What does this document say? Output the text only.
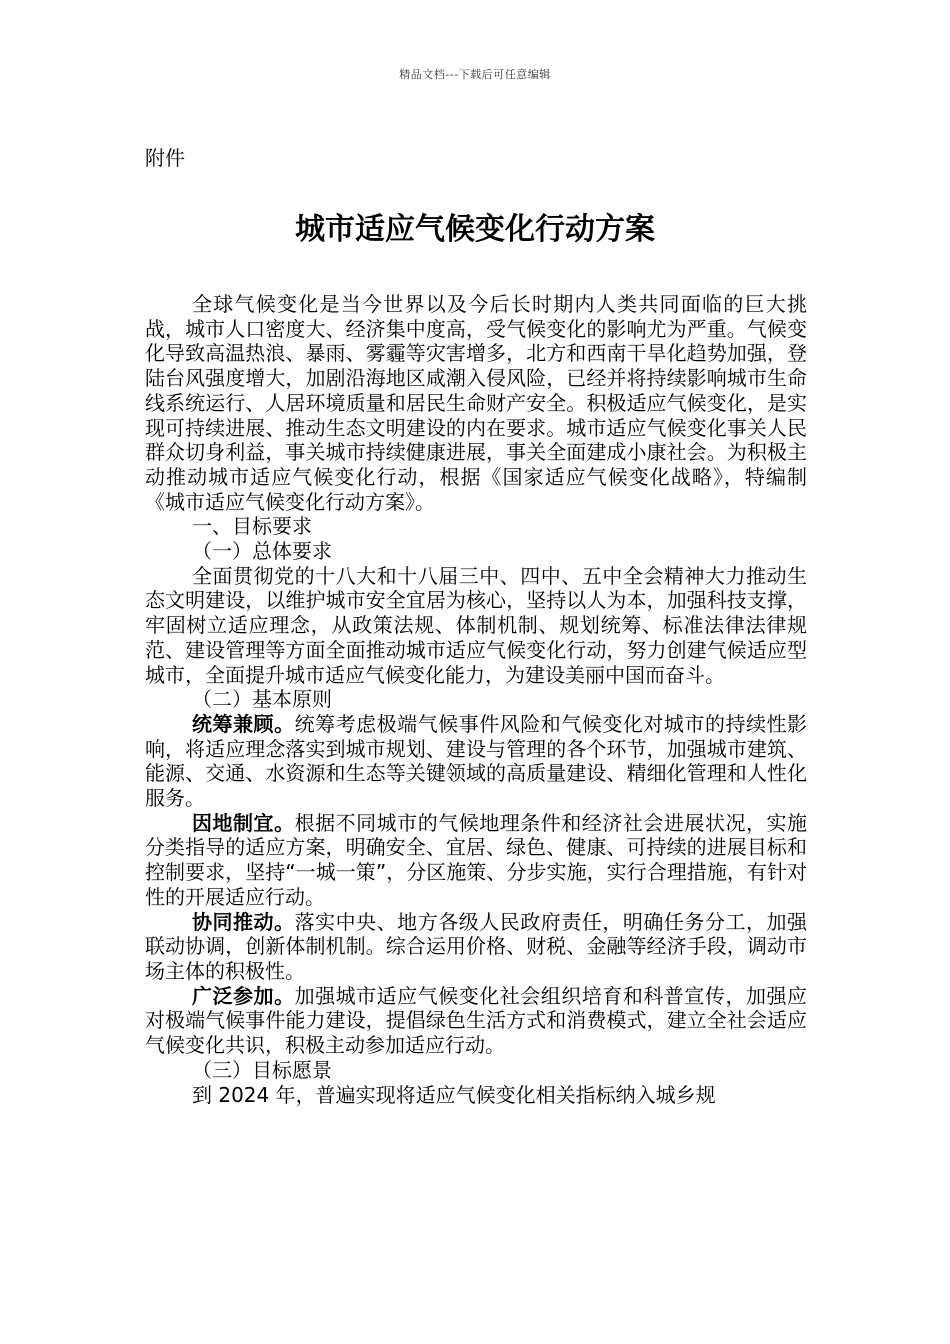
精品文档---下载后可任意编辑
附件
城市适应气候变化行动方案

全球气候变化是当今世界以及今后长时期内人类共同面临的巨大挑战，城市人口密度大、经济集中度高，受气候变化的影响尤为严重。气候变化导致高温热浪、暴雨、雾霾等灾害增多，北方和西南干旱化趋势加强，登陆台风强度增大，加剧沿海地区咸潮入侵风险，已经并将持续影响城市生命线系统运行、人居环境质量和居民生命财产安全。积极适应气候变化，是实现可持续进展、推动生态文明建设的内在要求。城市适应气候变化事关人民群众切身利益，事关城市持续健康进展，事关全面建成小康社会。为积极主动推动城市适应气候变化行动，根据《国家适应气候变化战略》，特编制《城市适应气候变化行动方案》。

一、目标要求

（一）总体要求

全面贯彻党的十八大和十八届三中、四中、五中全会精神大力推动生态文明建设，以维护城市安全宜居为核心，坚持以人为本，加强科技支撑，牢固树立适应理念，从政策法规、体制机制、规划统筹、标准法律法律规范、建设管理等方面全面推动城市适应气候变化行动，努力创建气候适应型城市，全面提升城市适应气候变化能力，为建设美丽中国而奋斗。

（二）基本原则

统筹兼顾。统筹考虑极端气候事件风险和气候变化对城市的持续性影响，将适应理念落实到城市规划、建设与管理的各个环节，加强城市建筑、能源、交通、水资源和生态等关键领域的高质量建设、精细化管理和人性化服务。

因地制宜。根据不同城市的气候地理条件和经济社会进展状况，实施分类指导的适应方案，明确安全、宜居、绿色、健康、可持续的进展目标和控制要求，坚持“一城一策”，分区施策、分步实施，实行合理措施，有针对性的开展适应行动。

协同推动。落实中央、地方各级人民政府责任，明确任务分工，加强联动协调，创新体制机制。综合运用价格、财税、金融等经济手段，调动市场主体的积极性。

广泛参加。加强城市适应气候变化社会组织培育和科普宣传，加强应对极端气候事件能力建设，提倡绿色生活方式和消费模式，建立全社会适应气候变化共识，积极主动参加适应行动。

（三）目标愿景

到 2024 年，普遍实现将适应气候变化相关指标纳入城乡规
